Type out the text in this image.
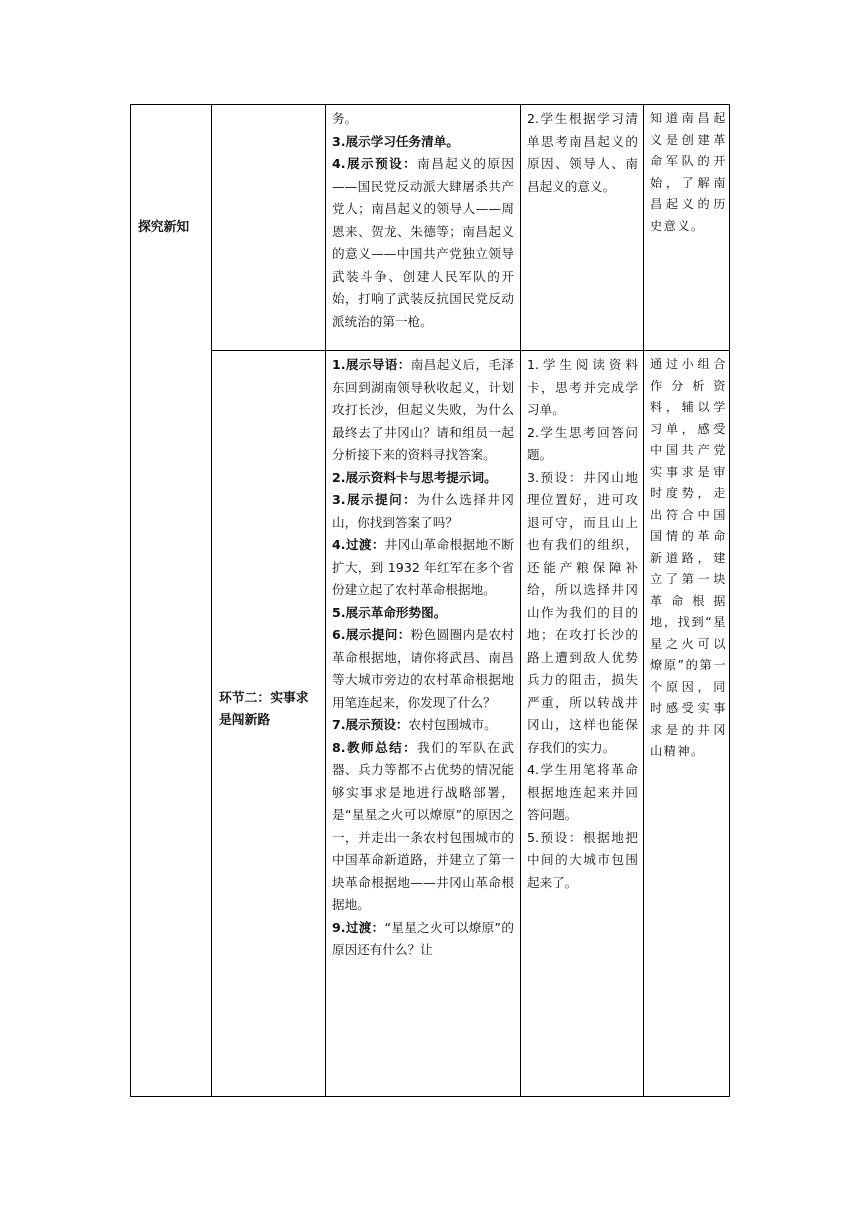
探究新知
环节二：实事求是闯新路

务。

3.展示学习任务清单。

4.展示预设：南昌起义的原因——国民党反动派大肆屠杀共产党人；南昌起义的领导人——周恩来、贺龙、朱德等；南昌起义的意义——中国共产党独立领导武装斗争、创建人民军队的开始，打响了武装反抗国民党反动派统治的第一枪。

2.学生根据学习清单思考南昌起义的原因、领导人、南昌起义的意义。

知道南昌起义是创建革命军队的开始，了解南昌起义的历史意义。

1.展示导语：南昌起义后，毛泽东回到湖南领导秋收起义，计划攻打长沙，但起义失败，为什么最终去了井冈山？请和组员一起分析接下来的资料寻找答案。

2.展示资料卡与思考提示词。

3.展示提问：为什么选择井冈山，你找到答案了吗？

4.过渡：井冈山革命根据地不断扩大，到 1932 年红军在多个省份建立起了农村革命根据地。

5.展示革命形势图。

6.展示提问：粉色圆圈内是农村革命根据地，请你将武昌、南昌等大城市旁边的农村革命根据地用笔连起来，你发现了什么？

7.展示预设：农村包围城市。

8.教师总结：我们的军队在武器、兵力等都不占优势的情况能够实事求是地进行战略部署，是“星星之火可以燎原”的原因之一，并走出一条农村包围城市的中国革命新道路，并建立了第一块革命根据地——井冈山革命根据地。

9.过渡：“星星之火可以燎原”的原因还有什么？让

1.学生阅读资料卡，思考并完成学习单。

2.学生思考回答问题。

3.预设：井冈山地理位置好，进可攻退可守，而且山上也有我们的组织，还能产粮保障补给，所以选择井冈山作为我们的目的地；在攻打长沙的路上遭到敌人优势兵力的阻击，损失严重，所以转战井冈山，这样也能保存我们的实力。

4.学生用笔将革命根据地连起来并回答问题。

5.预设：根据地把中间的大城市包围起来了。

通过小组合作分析资料，辅以学习单，感受中国共产党实事求是审时度势，走出符合中国国情的革命新道路，建立了第一块革命根据地，找到“星星之火可以燎原”的第一个原因，同时感受实事求是的井冈山精神。
